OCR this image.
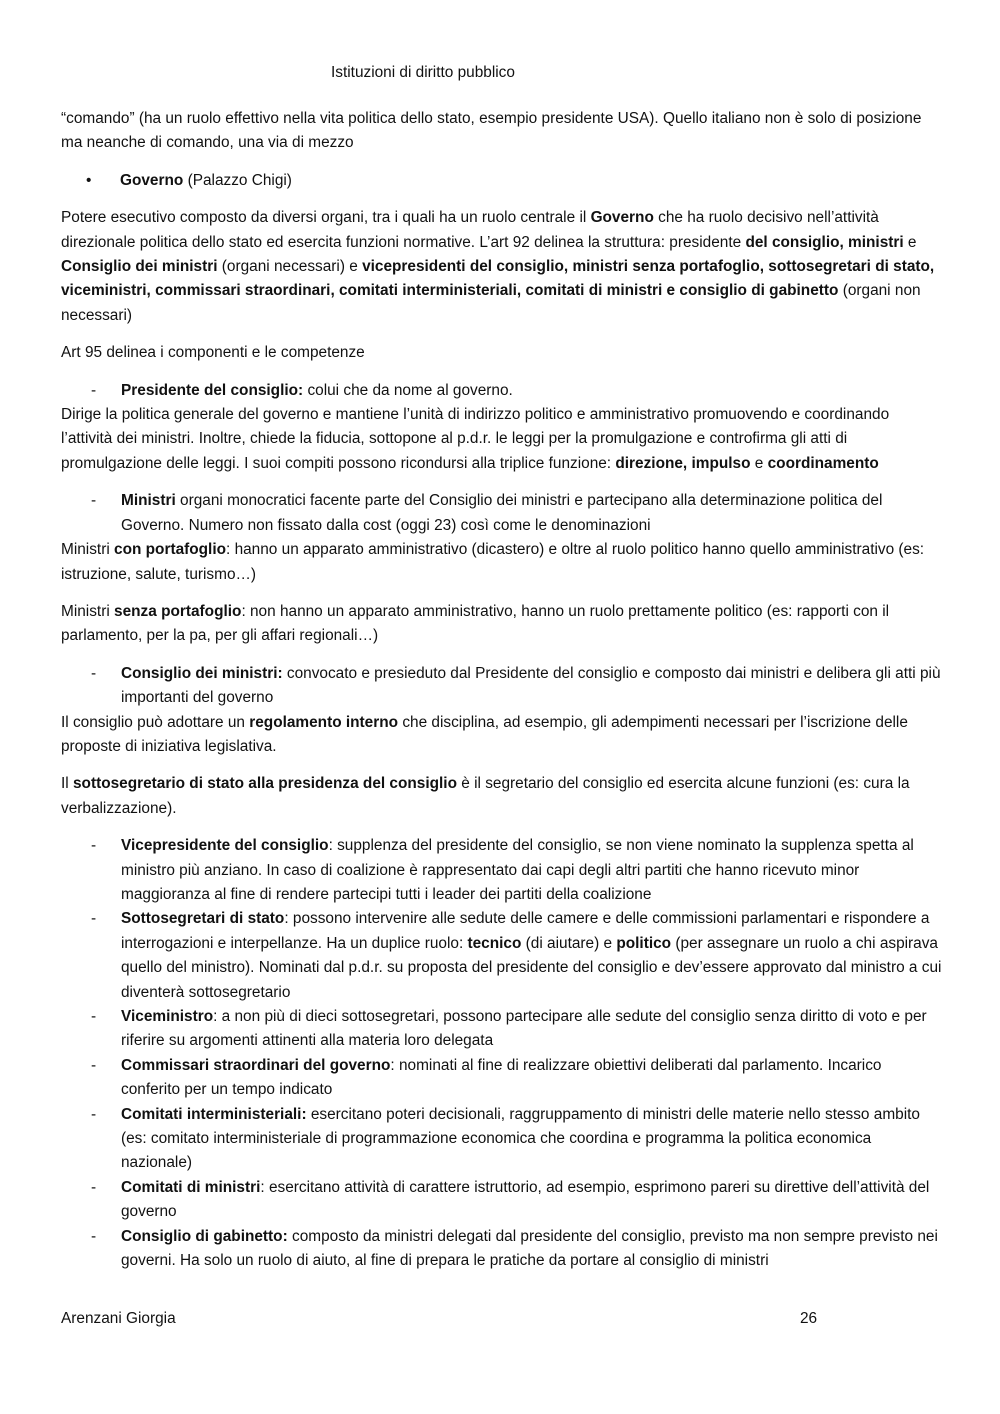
Istituzioni di diritto pubblico

“comando” (ha un ruolo effettivo nella vita politica dello stato, esempio presidente USA). Quello italiano non è solo di posizione ma neanche di comando, una via di mezzo

•	Governo (Palazzo Chigi)

Potere esecutivo composto da diversi organi, tra i quali ha un ruolo centrale il Governo che ha ruolo decisivo nell’attività direzionale politica dello stato ed esercita funzioni normative. L’art 92 delinea la struttura: presidente del consiglio, ministri e Consiglio dei ministri (organi necessari) e vicepresidenti del consiglio, ministri senza portafoglio, sottosegretari di stato, viceministri, commissari straordinari, comitati interministeriali, comitati di ministri e consiglio di gabinetto (organi non necessari)

Art 95 delinea i componenti e le competenze

-	Presidente del consiglio: colui che da nome al governo.

Dirige la politica generale del governo e mantiene l’unità di indirizzo politico e amministrativo promuovendo e coordinando l’attività dei ministri. Inoltre, chiede la fiducia, sottopone al p.d.r. le leggi per la promulgazione e controfirma gli atti di promulgazione delle leggi. I suoi compiti possono ricondursi alla triplice funzione: direzione, impulso e coordinamento

-	Ministri organi monocratici facente parte del Consiglio dei ministri e partecipano alla determinazione politica del Governo. Numero non fissato dalla cost (oggi 23) così come le denominazioni

Ministri con portafoglio: hanno un apparato amministrativo (dicastero) e oltre al ruolo politico hanno quello amministrativo (es: istruzione, salute, turismo…)

Ministri senza portafoglio: non hanno un apparato amministrativo, hanno un ruolo prettamente politico (es: rapporti con il parlamento, per la pa, per gli affari regionali…)

-	Consiglio dei ministri: convocato e presieduto dal Presidente del consiglio e composto dai ministri e delibera gli atti più importanti del governo

Il consiglio può adottare un regolamento interno che disciplina, ad esempio, gli adempimenti necessari per l’iscrizione delle proposte di iniziativa legislativa.

Il sottosegretario di stato alla presidenza del consiglio è il segretario del consiglio ed esercita alcune funzioni (es: cura la verbalizzazione).

-	Vicepresidente del consiglio: supplenza del presidente del consiglio, se non viene nominato la supplenza spetta al ministro più anziano. In caso di coalizione è rappresentato dai capi degli altri partiti che hanno ricevuto minor maggioranza al fine di rendere partecipi tutti i leader dei partiti della coalizione
-	Sottosegretari di stato: possono intervenire alle sedute delle camere e delle commissioni parlamentari e rispondere a interrogazioni e interpellanze. Ha un duplice ruolo: tecnico (di aiutare) e politico (per assegnare un ruolo a chi aspirava quello del ministro). Nominati dal p.d.r. su proposta del presidente del consiglio e dev’essere approvato dal ministro a cui diventerà sottosegretario
-	Viceministro: a non più di dieci sottosegretari, possono partecipare alle sedute del consiglio senza diritto di voto e per riferire su argomenti attinenti alla materia loro delegata
-	Commissari straordinari del governo: nominati al fine di realizzare obiettivi deliberati dal parlamento. Incarico conferito per un tempo indicato
-	Comitati interministeriali: esercitano poteri decisionali, raggruppamento di ministri delle materie nello stesso ambito (es: comitato interministeriale di programmazione economica che coordina e programma la politica economica nazionale)
-	Comitati di ministri: esercitano attività di carattere istruttorio, ad esempio, esprimono pareri su direttive dell’attività del governo
-	Consiglio di gabinetto: composto da ministri delegati dal presidente del consiglio, previsto ma non sempre previsto nei governi. Ha solo un ruolo di aiuto, al fine di prepara le pratiche da portare al consiglio di ministri
Arenzani Giorgia	26
